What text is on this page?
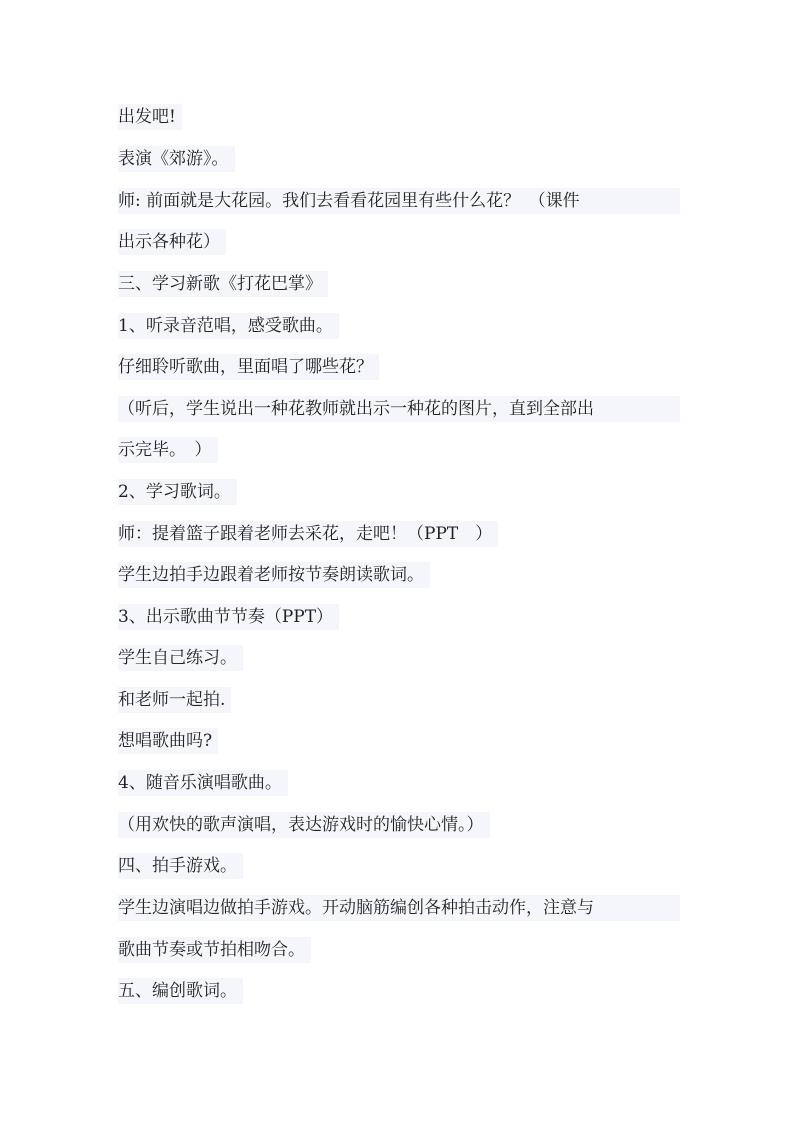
出发吧!
表演《郊游》。
师: 前面就是大花园。我们去看看花园里有些什么花？　（课件
出示各种花）
三、学习新歌《打花巴掌》
1、听录音范唱，感受歌曲。
仔细聆听歌曲，里面唱了哪些花？
（听后，学生说出一种花教师就出示一种花的图片，直到全部出
示完毕。　）
2、学习歌词。
师：提着篮子跟着老师去采花，走吧！（PPT　）
学生边拍手边跟着老师按节奏朗读歌词。
3、出示歌曲节节奏（PPT）
学生自己练习。
和老师一起拍.
想唱歌曲吗?
4、随音乐演唱歌曲。
（用欢快的歌声演唱，表达游戏时的愉快心情。）
四、拍手游戏。
学生边演唱边做拍手游戏。开动脑筋编创各种拍击动作，注意与
歌曲节奏或节拍相吻合。
五、编创歌词。
